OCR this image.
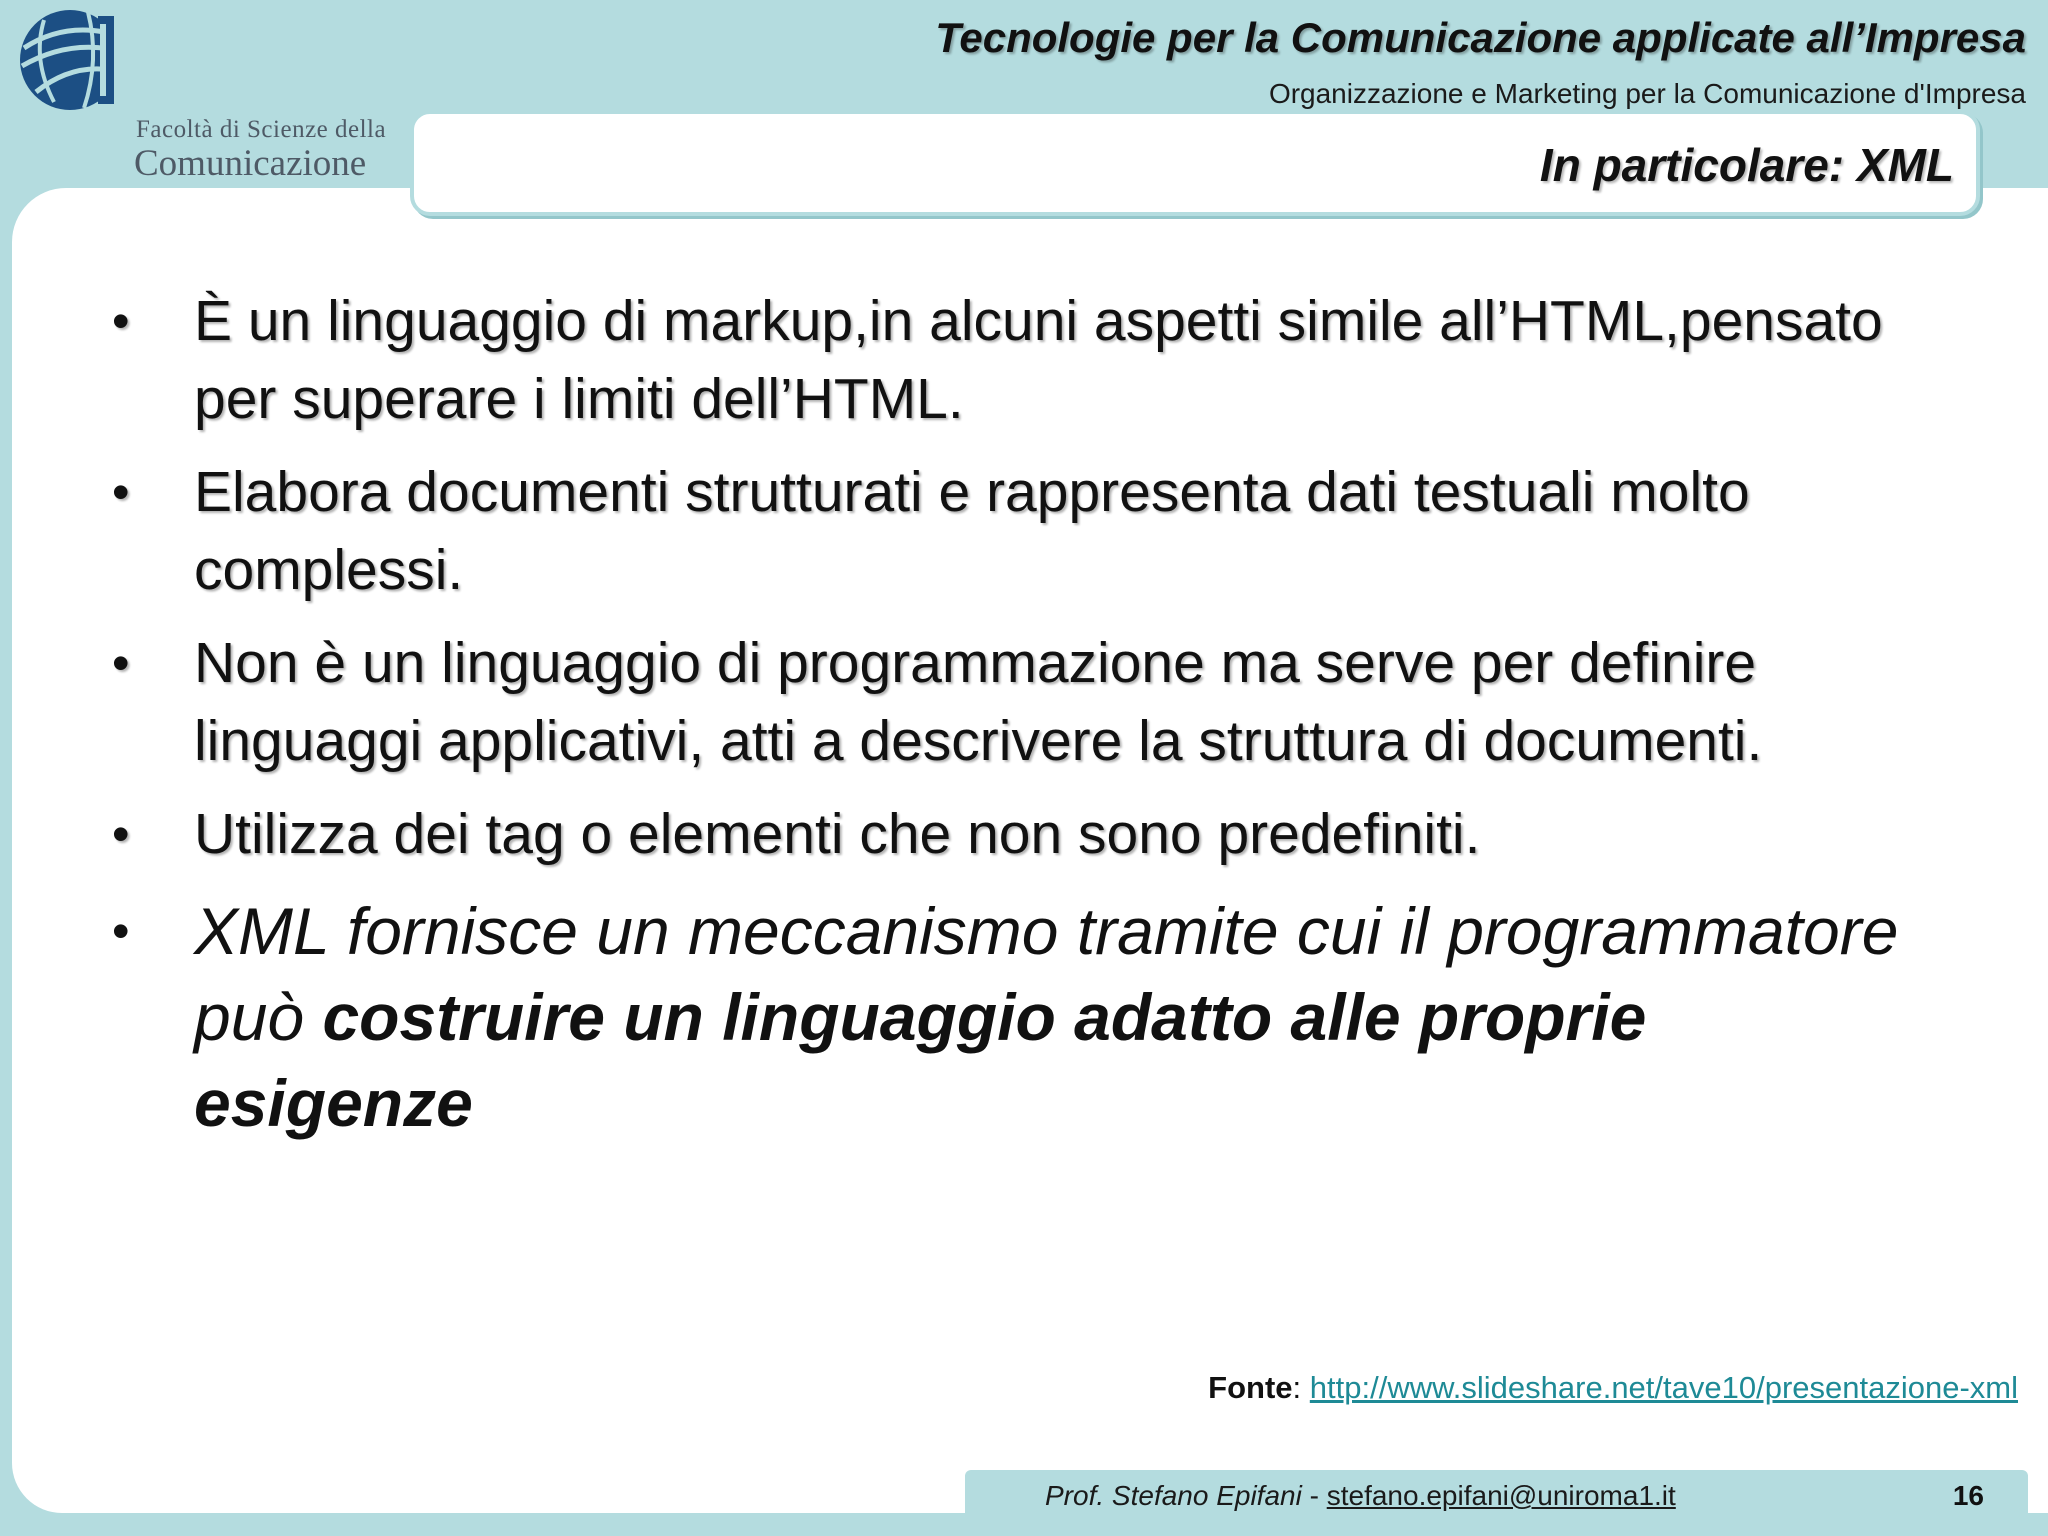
Facoltà di Scienze della
Comunicazione
Tecnologie per la Comunicazione applicate all’Impresa
Organizzazione e Marketing per la Comunicazione d'Impresa
In particolare: XML
• È un linguaggio di markup,in alcuni aspetti simile all’HTML,pensato per superare i limiti dell’HTML.
• Elabora documenti strutturati e rappresenta dati testuali molto complessi.
• Non è un linguaggio di programmazione ma serve per definire linguaggi applicativi, atti a descrivere la struttura di documenti.
• Utilizza dei tag o elementi che non sono predefiniti.
• XML fornisce un meccanismo tramite cui il programmatore può costruire un linguaggio adatto alle proprie esigenze
Fonte: http://www.slideshare.net/tave10/presentazione-xml
Prof. Stefano Epifani - stefano.epifani@uniroma1.it	16
